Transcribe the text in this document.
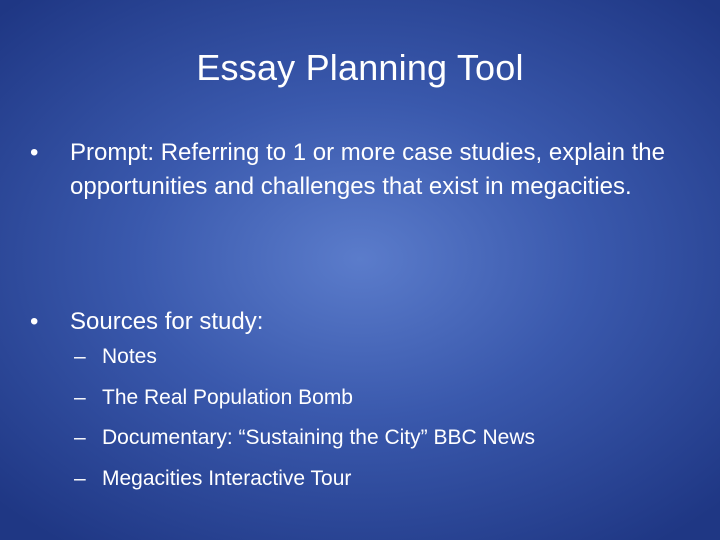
Essay Planning Tool
•	Prompt: Referring to 1 or more case studies, explain the opportunities and challenges that exist in megacities.
•	Sources for study:
– Notes
– The Real Population Bomb
– Documentary: “Sustaining the City” BBC News
– Megacities Interactive Tour
